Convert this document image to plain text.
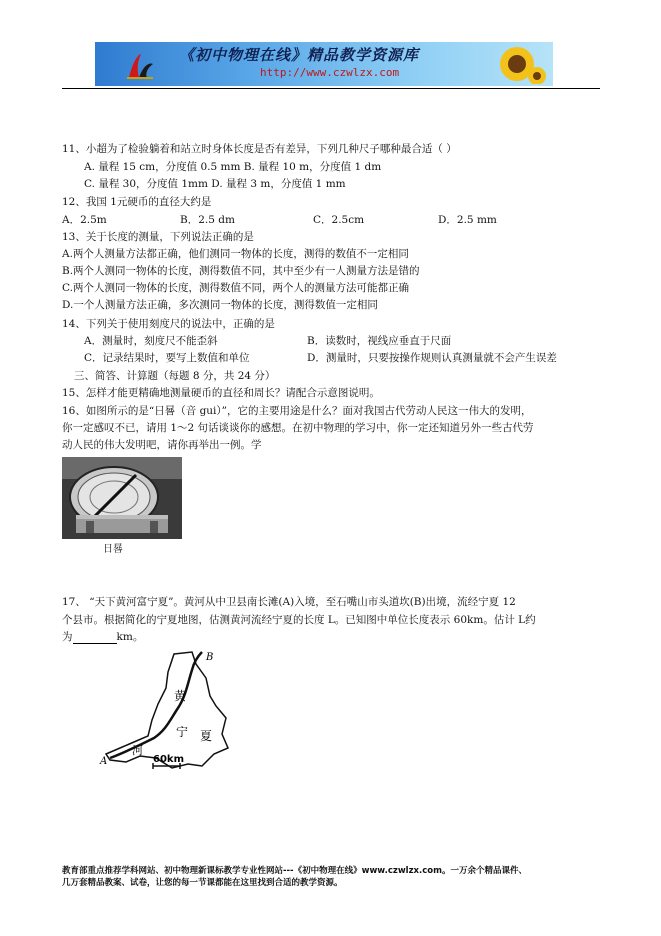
《初中物理在线》精品教学资源库
http://www.czwlzx.com
11、小超为了检验躺着和站立时身体长度是否有差异，下列几种尺子哪种最合适（ ）
A. 量程 15 cm，分度值 0.5 mm B. 量程 10 m，分度值 1 dm
C. 量程 30，分度值 1mm D. 量程 3 m，分度值 1 mm
12、我国 1元硬币的直径大约是
A．2.5m	B．2.5 dm	C．2.5cm	D．2.5 mm
13、关于长度的测量，下列说法正确的是
A.两个人测量方法都正确，他们测同一物体的长度，测得的数值不一定相同
B.两个人测同一物体的长度，测得数值不同，其中至少有一人测量方法是错的
C.两个人测同一物体的长度，测得数值不同，两个人的测量方法可能都正确
D.一个人测量方法正确，多次测同一物体的长度，测得数值一定相同
14、下列关于使用刻度尺的说法中，正确的是
A．测量时，刻度尺不能歪斜	B．读数时，视线应垂直于尺面
C．记录结果时，要写上数值和单位	D．测量时，只要按操作规则认真测量就不会产生误差
三、简答、计算题（每题 8 分，共 24 分）
15、怎样才能更精确地测量硬币的直径和周长？请配合示意图说明。
16、如图所示的是“日晷（音 gui）”，它的主要用途是什么？面对我国古代劳动人民这一伟大的发明，
你一定感叹不已，请用 1～2 句话谈谈你的感想。在初中物理的学习中，你一定还知道另外一些古代劳
动人民的伟大发明吧，请你再举出一例。学
日晷
17、 “天下黄河富宁夏”。黄河从中卫县南长滩(A)入境，至石嘴山市头道坎(B)出境，流经宁夏 12
个县市。根据简化的宁夏地图，估测黄河流经宁夏的长度 L。已知图中单位长度表示 60km。估计 L约
为	km。
黄
河
宁 夏
B
A	60km
教育部重点推荐学科网站、初中物理新课标教学专业性网站---《初中物理在线》www.czwlzx.com。一万余个精品课件、
几万套精品教案、试卷，让您的每一节课都能在这里找到合适的教学资源。
